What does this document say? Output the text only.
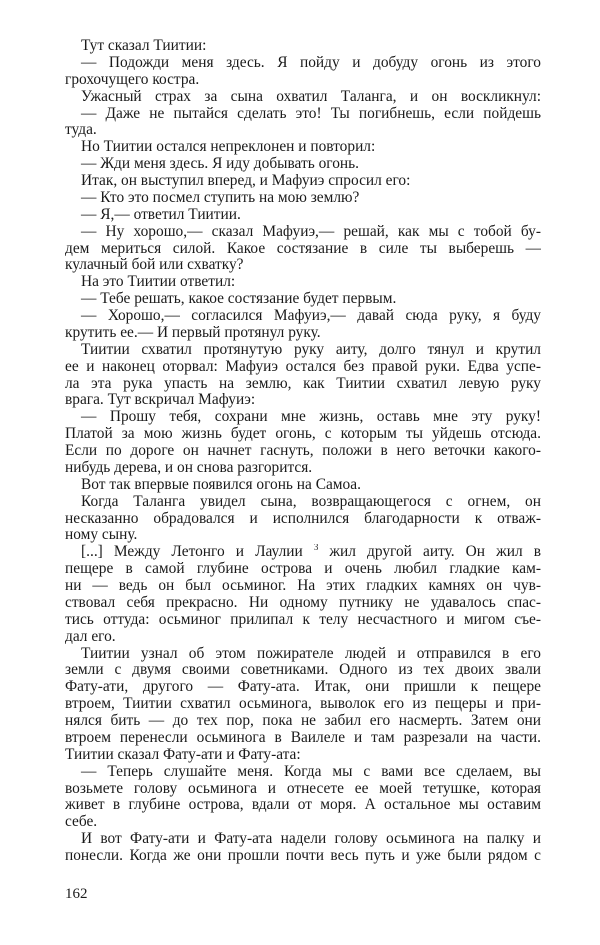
Тут сказал Тиитии:
— Подожди меня здесь. Я пойду и добуду огонь из этого
грохочущего костра.
Ужасный страх за сына охватил Таланга, и он воскликнул:
— Даже не пытайся сделать это! Ты погибнешь, если пойдешь
туда.
Но Тиитии остался непреклонен и повторил:
— Жди меня здесь. Я иду добывать огонь.
Итак, он выступил вперед, и Мафуиэ спросил его:
— Кто это посмел ступить на мою землю?
— Я,— ответил Тиитии.
— Ну хорошо,— сказал Мафуиэ,— решай, как мы с тобой бу-
дем мериться силой. Какое состязание в силе ты выберешь —
кулачный бой или схватку?
На это Тиитии ответил:
— Тебе решать, какое состязание будет первым.
— Хорошо,— согласился Мафуиэ,— давай сюда руку, я буду
крутить ее.— И первый протянул руку.
Тиитии схватил протянутую руку аиту, долго тянул и крутил
ее и наконец оторвал: Мафуиэ остался без правой руки. Едва успе-
ла эта рука упасть на землю, как Тиитии схватил левую руку
врага. Тут вскричал Мафуиэ:
— Прошу тебя, сохрани мне жизнь, оставь мне эту руку!
Платой за мою жизнь будет огонь, с которым ты уйдешь отсюда.
Если по дороге он начнет гаснуть, положи в него веточки какого-
нибудь дерева, и он снова разгорится.
Вот так впервые появился огонь на Самоа.
Когда Таланга увидел сына, возвращающегося с огнем, он
несказанно обрадовался и исполнился благодарности к отваж-
ному сыну.
[...] Между Летонго и Лаулии $^3$ жил другой аиту. Он жил в
пещере в самой глубине острова и очень любил гладкие кам-
ни — ведь он был осьминог. На этих гладких камнях он чув-
ствовал себя прекрасно. Ни одному путнику не удавалось спас-
тись оттуда: осьминог прилипал к телу несчастного и мигом съе-
дал его.
Тиитии узнал об этом пожирателе людей и отправился в его
земли с двумя своими советниками. Одного из тех двоих звали
Фату-ати, другого — Фату-ата. Итак, они пришли к пещере
втроем, Тиитии схватил осьминога, выволок его из пещеры и при-
нялся бить — до тех пор, пока не забил его насмерть. Затем они
втроем перенесли осьминога в Ваилеле и там разрезали на части.
Тиитии сказал Фату-ати и Фату-ата:
— Теперь слушайте меня. Когда мы с вами все сделаем, вы
возьмете голову осьминога и отнесете ее моей тетушке, которая
живет в глубине острова, вдали от моря. А остальное мы оставим
себе.
И вот Фату-ати и Фату-ата надели голову осьминога на палку и
понесли. Когда же они прошли почти весь путь и уже были рядом с
162
